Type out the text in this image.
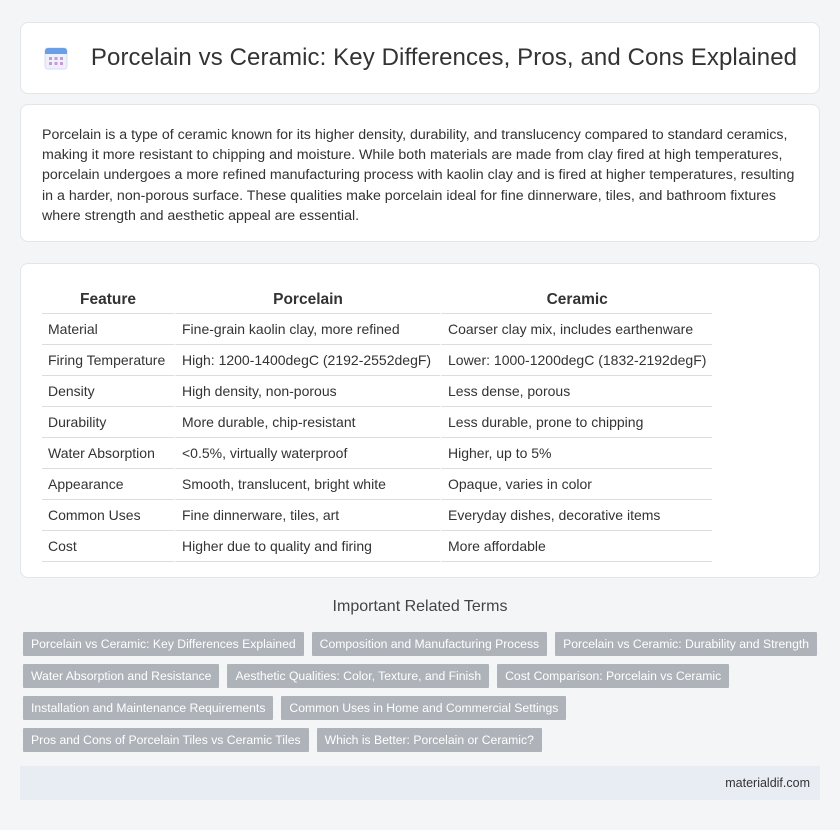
Porcelain vs Ceramic: Key Differences, Pros, and Cons Explained

Porcelain is a type of ceramic known for its higher density, durability, and translucency compared to standard ceramics, making it more resistant to chipping and moisture. While both materials are made from clay fired at high temperatures, porcelain undergoes a more refined manufacturing process with kaolin clay and is fired at higher temperatures, resulting in a harder, non-porous surface. These qualities make porcelain ideal for fine dinnerware, tiles, and bathroom fixtures where strength and aesthetic appeal are essential.

Feature	Porcelain	Ceramic
Material	Fine-grain kaolin clay, more refined	Coarser clay mix, includes earthenware
Firing Temperature	High: 1200-1400degC (2192-2552degF)	Lower: 1000-1200degC (1832-2192degF)
Density	High density, non-porous	Less dense, porous
Durability	More durable, chip-resistant	Less durable, prone to chipping
Water Absorption	<0.5%, virtually waterproof	Higher, up to 5%
Appearance	Smooth, translucent, bright white	Opaque, varies in color
Common Uses	Fine dinnerware, tiles, art	Everyday dishes, decorative items
Cost	Higher due to quality and firing	More affordable
Important Related Terms
Porcelain vs Ceramic: Key Differences Explained	Composition and Manufacturing Process	Porcelain vs Ceramic: Durability and Strength
Water Absorption and Resistance	Aesthetic Qualities: Color, Texture, and Finish	Cost Comparison: Porcelain vs Ceramic
Installation and Maintenance Requirements	Common Uses in Home and Commercial Settings
Pros and Cons of Porcelain Tiles vs Ceramic Tiles	Which is Better: Porcelain or Ceramic?
materialdif.com
